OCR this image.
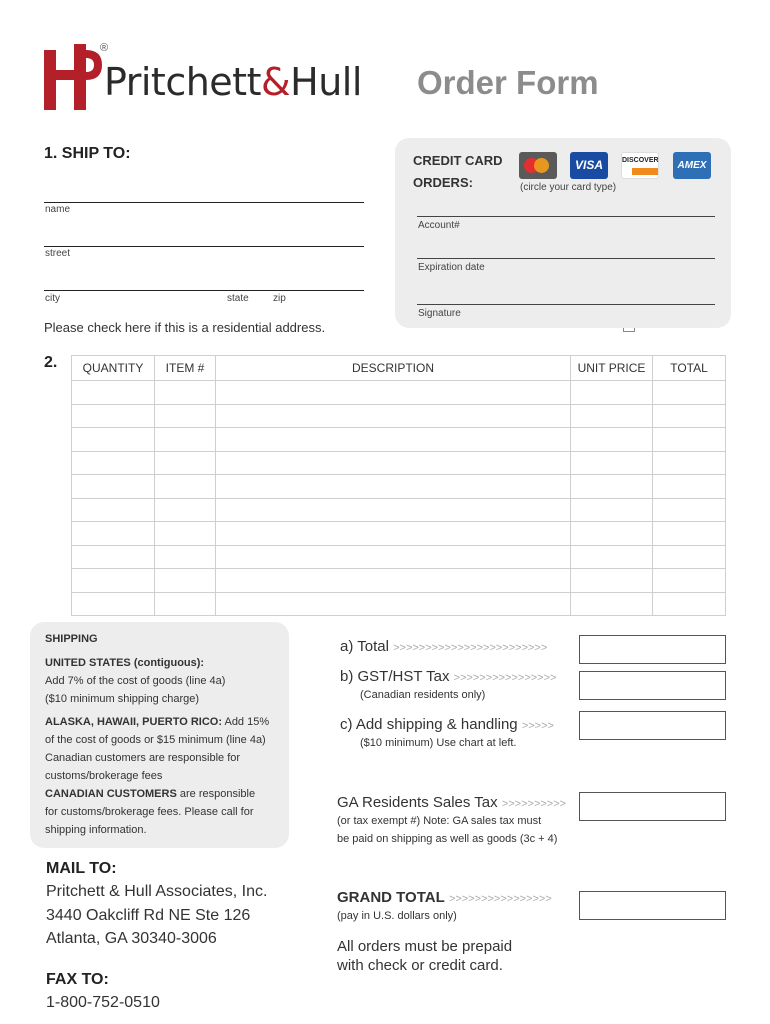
®
Pritchett&Hull Order Form
1. SHIP TO:
name
street
city	state zip
Please check here if this is a residential address.
CREDIT CARD
ORDERS:
VISA	DISCOVER	AMEX
(circle your card type)
Account#
Expiration date
Signature
2. QUANTITY	ITEM #	DESCRIPTION	UNIT PRICE	TOTAL

SHIPPING
UNITED STATES (contiguous):
Add 7% of the cost of goods (line 4a)
($10 minimum shipping charge)
ALASKA, HAWAII, PUERTO RICO: Add 15%
of the cost of goods or $15 minimum (line 4a)
Canadian customers are responsible for
customs/brokerage fees
CANADIAN CUSTOMERS are responsible
for customs/brokerage fees. Please call for
shipping information.
a) Total >>>>>>>>>>>>>>>>>>>>>>>>
b) GST/HST Tax >>>>>>>>>>>>>>>>
(Canadian residents only)
c) Add shipping & handling >>>>>
($10 minimum) Use chart at left.
GA Residents Sales Tax >>>>>>>>>>
(or tax exempt #) Note: GA sales tax must
be paid on shipping as well as goods (3c + 4)
GRAND TOTAL >>>>>>>>>>>>>>>>
(pay in U.S. dollars only)
All orders must be prepaid
with check or credit card.
MAIL TO:
Pritchett & Hull Associates, Inc.
3440 Oakcliff Rd NE Ste 126
Atlanta, GA 30340-3006
FAX TO:
1-800-752-0510
